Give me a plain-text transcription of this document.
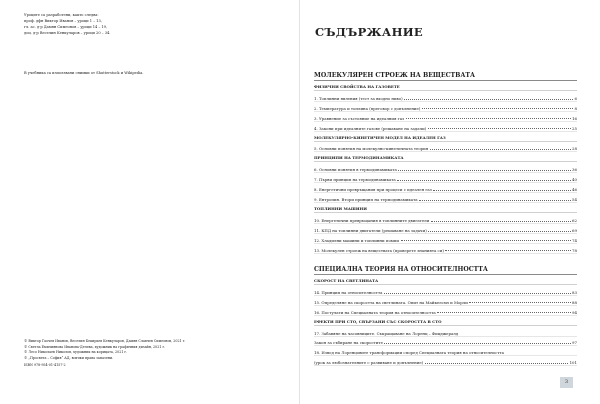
Уроците са разработени, както следва:
проф. дфн Виктор Иванов – уроци 1 – 13,
гл. ас. д-р Дамян Симеонов – уроци 14 – 19,
доц. д-р Веселин Кенкуларов – уроци 20 – 34.
В учебника са използвани снимки от Shutterstock и Wikipedia.
© Виктор Гаочев Иванов, Веселин Бекирьев Кенкуларов, Дамян Славчев Симеонов, 2021 г.
© Светла Емилиянова Иванова-Дечева, художник на графичния дизайн, 2021 г.
© Лесо Николаев Николов, художник на корицата, 2021 г.
© „Просвета – София“ АД, всички права запазени.
ISBN 978-954-01-4157-2
СЪДЪРЖАНИЕ
МОЛЕКУЛЯРЕН СТРОЕЖ НА ВЕЩЕСТВАТА
ФИЗИЧНИ СВОЙСТВА НА ГАЗОВЕТЕ
1. Топлинни явления (тест за входно ниво)	6
2. Температура и топлина (преговор с допълнение)	8
3. Уравнение за състояние на идеалния газ	16
4. Закони при идеалните газове (решаване на задачи)	25
МОЛЕКУЛЯРНО-КИНЕТИЧЕН МОДЕЛ НА ИДЕАЛЕН ГАЗ
5. Основни понятия на молекулно-кинетичната теория	28
ПРИНЦИПИ НА ТЕРМОДИНАМИКАТА
6. Основни понятия в термодинамиката	36
7. Първи принцип на термодинамиката	40
8. Енергетични превръщания при процеси с идеален газ	46
9. Ентропия. Втори принцип на термодинамиката	54
ТОПЛИННИ МАШИНИ
10. Енергетични превръщания в топлинните двигатели	62
11. КПД на топлинни двигатели (решаване на задачи)	69
12. Хладилни машини и топлинни помпи	74
13. Молекулен строеж на веществата (проверете знанията си)	78
СПЕЦИАЛНА ТЕОРИЯ НА ОТНОСИТЕЛНОСТТА
СКОРОСТ НА СВЕТЛИНАТА
14. Принцип на относителността	83
15. Определяне на скоростта на светлината. Опит на Майкелсън и Морли	88
16. Постулати на Специалната теория на относителността	94
ЕФЕКТИ ПРИ СТО, СВЪРЗАНИ СЪС СКОРОСТТА В СТО
17. Забавяне на часовниците. Съкращаване на Лоренц – Фицджералд
Закон за събиране на скоростите	97
18. Извод на Лоренцовите трансформации според Специалната теория на относителността
(урок за любознателните с развиване и допълнение)	101
3
